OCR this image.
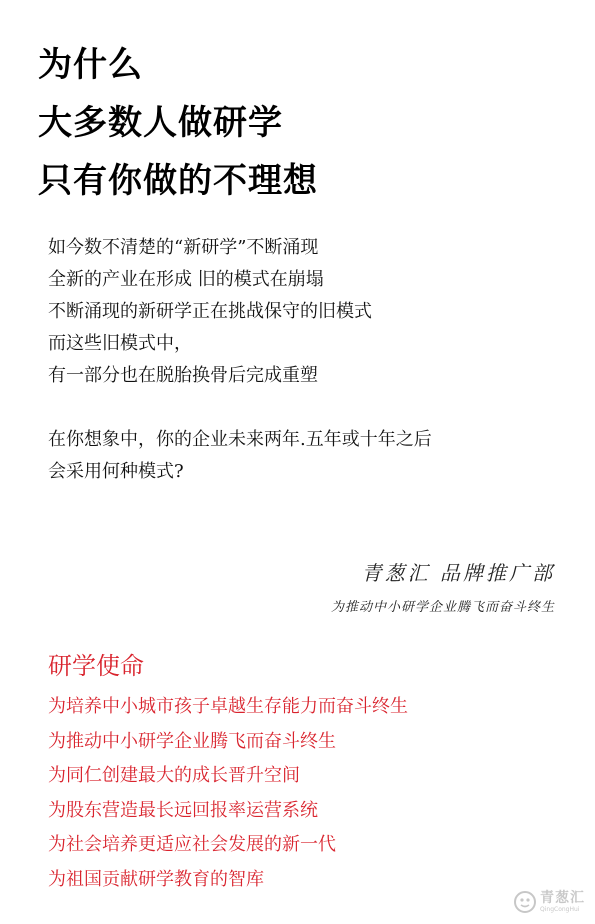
为什么
大多数人做研学
只有你做的不理想

如今数不清楚的“新研学”不断涌现
全新的产业在形成 旧的模式在崩塌
不断涌现的新研学正在挑战保守的旧模式
而这些旧模式中，
有一部分也在脱胎换骨后完成重塑

在你想象中，你的企业未来两年.五年或十年之后
会采用何种模式?

青葱汇 品牌推广部
为推动中小研学企业腾飞而奋斗终生
研学使命
为培养中小城市孩子卓越生存能力而奋斗终生
为推动中小研学企业腾飞而奋斗终生
为同仁创建最大的成长晋升空间
为股东营造最长远回报率运营系统
为社会培养更适应社会发展的新一代
为祖国贡献研学教育的智库
青葱汇
QingCongHui
